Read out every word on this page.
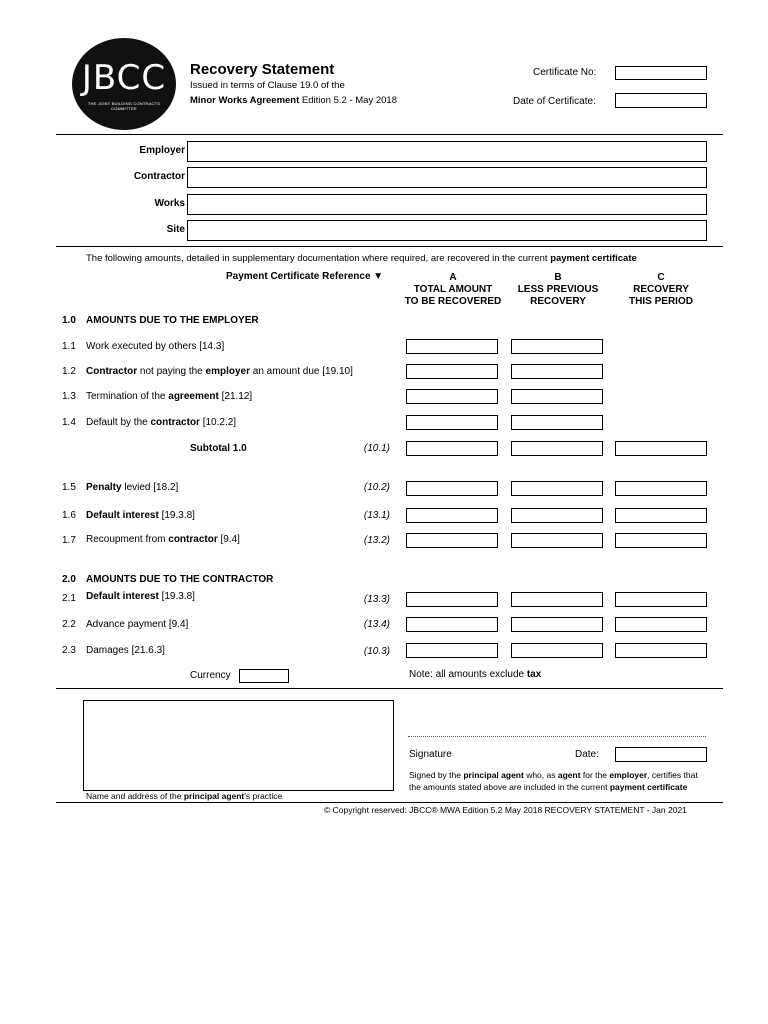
JBCC
THE JOINT BUILDING CONTRACTS COMMITTEE
Recovery Statement
Issued in terms of Clause 19.0 of the
Minor Works Agreement Edition 5.2 - May 2018
Certificate No:
Date of Certificate:
Employer
Contractor
Works
Site
The following amounts, detailed in supplementary documentation where required, are recovered in the current payment certificate
Payment Certificate Reference ▼	A
TOTAL AMOUNT
TO BE RECOVERED
B
LESS PREVIOUS
RECOVERY
C
RECOVERY
THIS PERIOD
1.0 AMOUNTS DUE TO THE EMPLOYER
1.1 Work executed by others [14.3]
1.2 Contractor not paying the employer an amount due [19.10]
1.3 Termination of the agreement [21.12]
1.4 Default by the contractor [10.2.2]
Subtotal 1.0	(10.1)
1.5 Penalty levied [18.2]	(10.2)
1.6 Default interest [19.3.8]	(13.1)
1.7 Recoupment from contractor [9.4]	(13.2)
2.0 AMOUNTS DUE TO THE CONTRACTOR
2.1 Default interest [19.3.8]	(13.3)
2.2 Advance payment [9.4]	(13.4)
2.3 Damages [21.6.3]	(10.3)
Currency	Note: all amounts exclude tax
Name and address of the principal agent's practice
Signature	Date:
Signed by the principal agent who, as agent for the employer, certifies that
the amounts stated above are included in the current payment certificate
© Copyright reserved: JBCC® MWA Edition 5.2 May 2018 RECOVERY STATEMENT - Jan 2021
